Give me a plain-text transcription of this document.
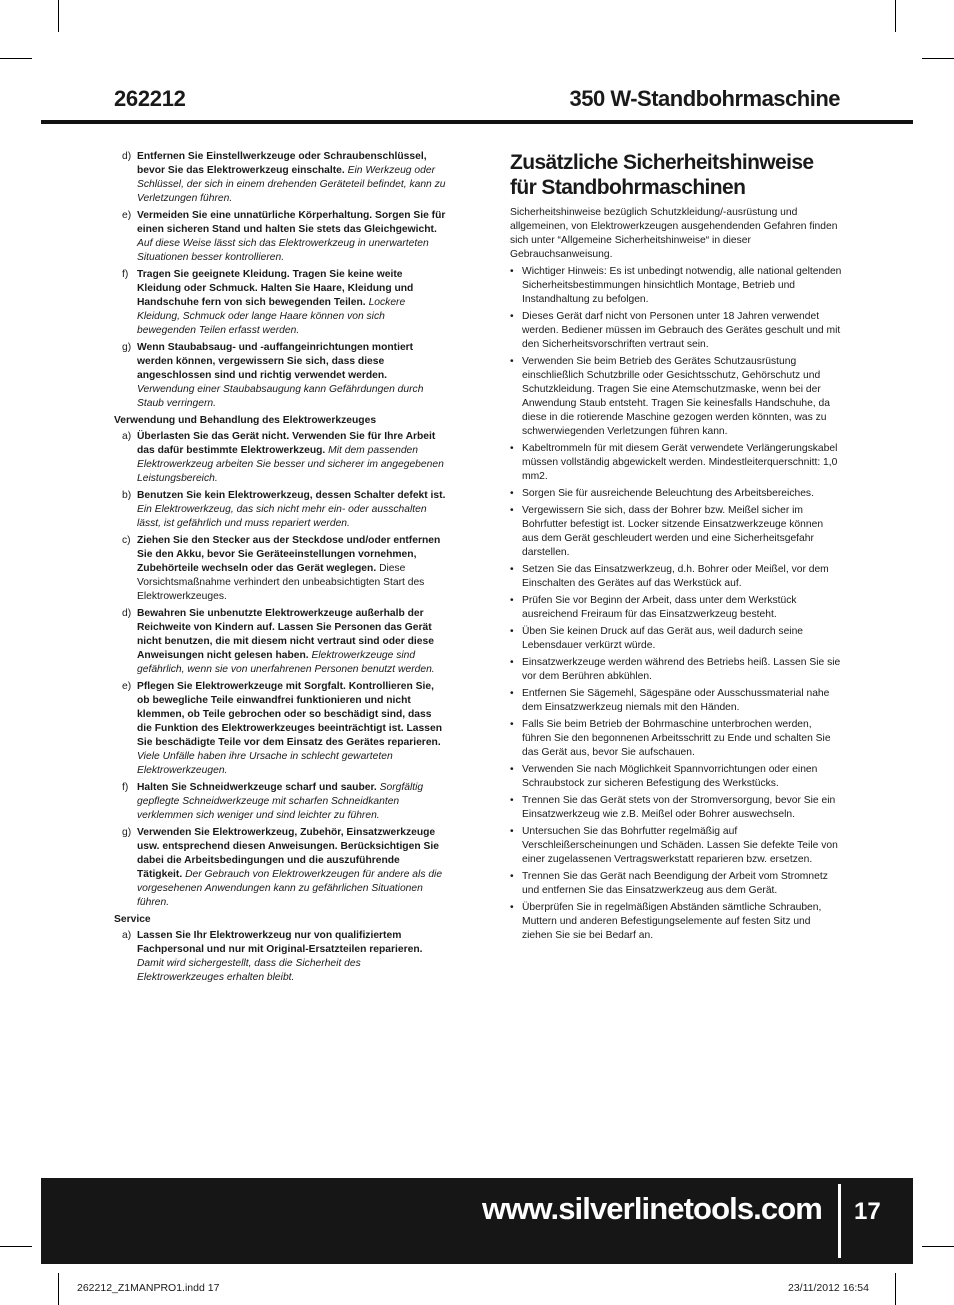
262212	350 W-Standbohrmaschine
d) Entfernen Sie Einstellwerkzeuge oder Schraubenschlüssel, bevor Sie das Elektrowerkzeug einschalte. Ein Werkzeug oder Schlüssel, der sich in einem drehenden Geräteteil befindet, kann zu Verletzungen führen.
e) Vermeiden Sie eine unnatürliche Körperhaltung. Sorgen Sie für einen sicheren Stand und halten Sie stets das Gleichgewicht. Auf diese Weise lässt sich das Elektrowerkzeug in unerwarteten Situationen besser kontrollieren.
f) Tragen Sie geeignete Kleidung. Tragen Sie keine weite Kleidung oder Schmuck. Halten Sie Haare, Kleidung und Handschuhe fern von sich bewegenden Teilen. Lockere Kleidung, Schmuck oder lange Haare können von sich bewegenden Teilen erfasst werden.
g) Wenn Staubabsaug- und -auffangeinrichtungen montiert werden können, vergewissern Sie sich, dass diese angeschlossen sind und richtig verwendet werden. Verwendung einer Staubabsaugung kann Gefährdungen durch Staub verringern.
Verwendung und Behandlung des Elektrowerkzeuges
a) Überlasten Sie das Gerät nicht. Verwenden Sie für Ihre Arbeit das dafür bestimmte Elektrowerkzeug. Mit dem passenden Elektrowerkzeug arbeiten Sie besser und sicherer im angegebenen Leistungsbereich.
b) Benutzen Sie kein Elektrowerkzeug, dessen Schalter defekt ist. Ein Elektrowerkzeug, das sich nicht mehr ein- oder ausschalten lässt, ist gefährlich und muss repariert werden.
c) Ziehen Sie den Stecker aus der Steckdose und/oder entfernen Sie den Akku, bevor Sie Geräteeinstellungen vornehmen, Zubehörteile wechseln oder das Gerät weglegen. Diese Vorsichtsmaßnahme verhindert den unbeabsichtigten Start des Elektrowerkzeuges.
d) Bewahren Sie unbenutzte Elektrowerkzeuge außerhalb der Reichweite von Kindern auf. Lassen Sie Personen das Gerät nicht benutzen, die mit diesem nicht vertraut sind oder diese Anweisungen nicht gelesen haben. Elektrowerkzeuge sind gefährlich, wenn sie von unerfahrenen Personen benutzt werden.
e) Pflegen Sie Elektrowerkzeuge mit Sorgfalt. Kontrollieren Sie, ob bewegliche Teile einwandfrei funktionieren und nicht klemmen, ob Teile gebrochen oder so beschädigt sind, dass die Funktion des Elektrowerkzeuges beeinträchtigt ist. Lassen Sie beschädigte Teile vor dem Einsatz des Gerätes reparieren. Viele Unfälle haben ihre Ursache in schlecht gewarteten Elektrowerkzeugen.
f) Halten Sie Schneidwerkzeuge scharf und sauber. Sorgfältig gepflegte Schneidwerkzeuge mit scharfen Schneidkanten verklemmen sich weniger und sind leichter zu führen.
g) Verwenden Sie Elektrowerkzeug, Zubehör, Einsatzwerkzeuge usw. entsprechend diesen Anweisungen. Berücksichtigen Sie dabei die Arbeitsbedingungen und die auszuführende Tätigkeit. Der Gebrauch von Elektrowerkzeugen für andere als die vorgesehenen Anwendungen kann zu gefährlichen Situationen führen.
Service
a) Lassen Sie Ihr Elektrowerkzeug nur von qualifiziertem Fachpersonal und nur mit Original-Ersatzteilen reparieren. Damit wird sichergestellt, dass die Sicherheit des Elektrowerkzeuges erhalten bleibt.
Zusätzliche Sicherheitshinweise für Standbohrmaschinen
Sicherheitshinweise bezüglich Schutzkleidung/-ausrüstung und allgemeinen, von Elektrowerkzeugen ausgehendenden Gefahren finden sich unter “Allgemeine Sicherheitshinweise“ in dieser Gebrauchsanweisung.
• Wichtiger Hinweis: Es ist unbedingt notwendig, alle national geltenden Sicherheitsbestimmungen hinsichtlich Montage, Betrieb und Instandhaltung zu befolgen.
• Dieses Gerät darf nicht von Personen unter 18 Jahren verwendet werden. Bediener müssen im Gebrauch des Gerätes geschult und mit den Sicherheitsvorschriften vertraut sein.
• Verwenden Sie beim Betrieb des Gerätes Schutzausrüstung einschließlich Schutzbrille oder Gesichtsschutz, Gehörschutz und Schutzkleidung. Tragen Sie eine Atemschutzmaske, wenn bei der Anwendung Staub entsteht. Tragen Sie keinesfalls Handschuhe, da diese in die rotierende Maschine gezogen werden könnten, was zu schwerwiegenden Verletzungen führen kann.
• Kabeltrommeln für mit diesem Gerät verwendete Verlängerungskabel müssen vollständig abgewickelt werden. Mindestleiterquerschnitt: 1,0 mm2.
• Sorgen Sie für ausreichende Beleuchtung des Arbeitsbereiches.
• Vergewissern Sie sich, dass der Bohrer bzw. Meißel sicher im Bohrfutter befestigt ist. Locker sitzende Einsatzwerkzeuge können aus dem Gerät geschleudert werden und eine Sicherheitsgefahr darstellen.
• Setzen Sie das Einsatzwerkzeug, d.h. Bohrer oder Meißel, vor dem Einschalten des Gerätes auf das Werkstück auf.
• Prüfen Sie vor Beginn der Arbeit, dass unter dem Werkstück ausreichend Freiraum für das Einsatzwerkzeug besteht.
• Üben Sie keinen Druck auf das Gerät aus, weil dadurch seine Lebensdauer verkürzt würde.
• Einsatzwerkzeuge werden während des Betriebs heiß. Lassen Sie sie vor dem Berühren abkühlen.
• Entfernen Sie Sägemehl, Sägespäne oder Ausschussmaterial nahe dem Einsatzwerkzeug niemals mit den Händen.
• Falls Sie beim Betrieb der Bohrmaschine unterbrochen werden, führen Sie den begonnenen Arbeitsschritt zu Ende und schalten Sie das Gerät aus, bevor Sie aufschauen.
• Verwenden Sie nach Möglichkeit Spannvorrichtungen oder einen Schraubstock zur sicheren Befestigung des Werkstücks.
• Trennen Sie das Gerät stets von der Stromversorgung, bevor Sie ein Einsatzwerkzeug wie z.B. Meißel oder Bohrer auswechseln.
• Untersuchen Sie das Bohrfutter regelmäßig auf Verschleißerscheinungen und Schäden. Lassen Sie defekte Teile von einer zugelassenen Vertragswerkstatt reparieren bzw. ersetzen.
• Trennen Sie das Gerät nach Beendigung der Arbeit vom Stromnetz und entfernen Sie das Einsatzwerkzeug aus dem Gerät.
• Überprüfen Sie in regelmäßigen Abständen sämtliche Schrauben, Muttern und anderen Befestigungselemente auf festen Sitz und ziehen Sie sie bei Bedarf an.
www.silverlinetools.com 17
262212_Z1MANPRO1.indd 17	23/11/2012 16:54
